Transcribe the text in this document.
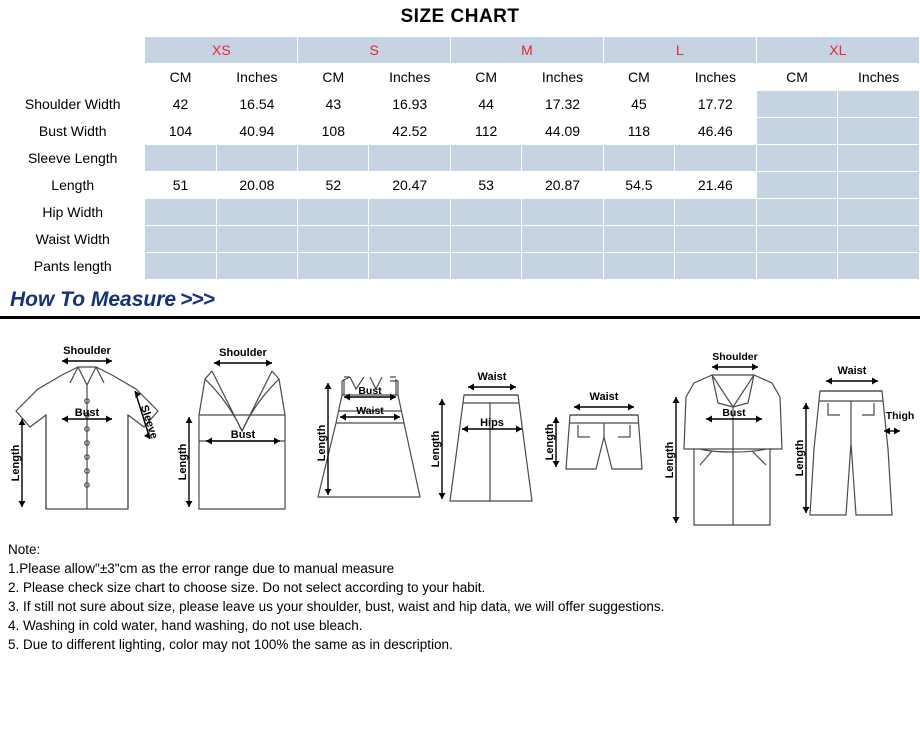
SIZE CHART
	XS		S		M		L		XL	
	CM	Inches	CM	Inches	CM	Inches	CM	Inches	CM	Inches
Shoulder Width	42	16.54	43	16.93	44	17.32	45	17.72		
Bust Width	104	40.94	108	42.52	112	44.09	118	46.46		
Sleeve Length										
Length	51	20.08	52	20.47	53	20.87	54.5	21.46		
Hip Width										
Waist Width										
Pants length										
How To Measure >>>
Shoulder
Bust	Sleeve
Length
Shoulder
Bust
Length
Bust
Waist
Length
Waist
Hips
Length
Waist
Length
Shoulder
Bust
Length
Waist
Thigh
Length
Note:
1.Please allow"±3"cm as the error range due to manual measure
2. Please check size chart to choose size. Do not select according to your habit.
3. If still not sure about size, please leave us your shoulder, bust, waist and hip data, we will offer suggestions.
4. Washing in cold water, hand washing, do not use bleach.
5. Due to different lighting, color may not 100% the same as in description.
